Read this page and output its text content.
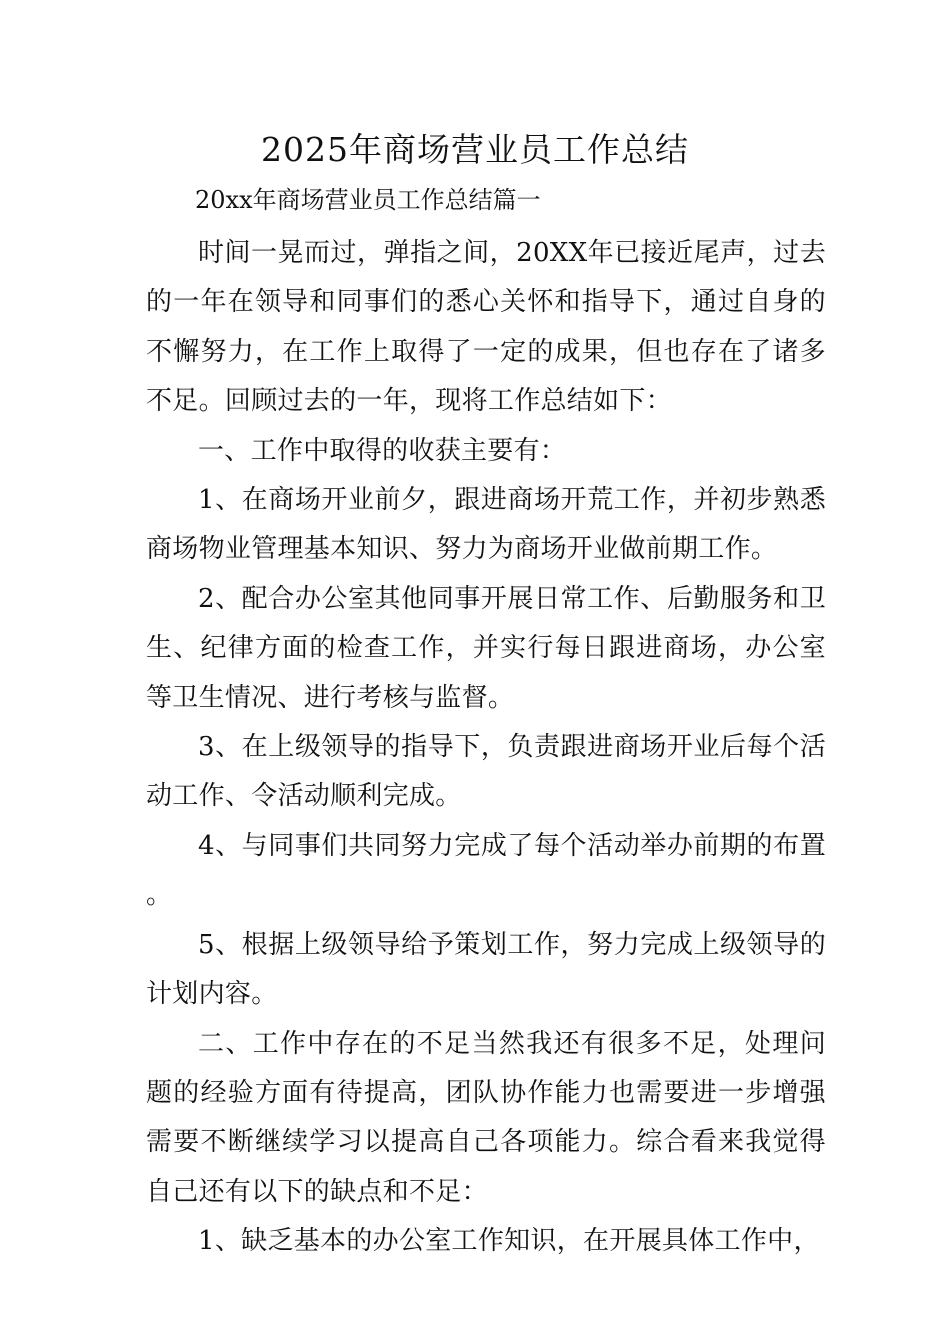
2025年商场营业员工作总结

20xx年商场营业员工作总结篇一

时间一晃而过，弹指之间，20XX年已接近尾声，过去的一年在领导和同事们的悉心关怀和指导下，通过自身的不懈努力，在工作上取得了一定的成果，但也存在了诸多不足。回顾过去的一年，现将工作总结如下：

一、工作中取得的收获主要有：

1、在商场开业前夕，跟进商场开荒工作，并初步熟悉商场物业管理基本知识、努力为商场开业做前期工作。

2、配合办公室其他同事开展日常工作、后勤服务和卫生、纪律方面的检查工作，并实行每日跟进商场，办公室等卫生情况、进行考核与监督。

3、在上级领导的指导下，负责跟进商场开业后每个活动工作、令活动顺利完成。

4、与同事们共同努力完成了每个活动举办前期的布置。

5、根据上级领导给予策划工作，努力完成上级领导的计划内容。

二、工作中存在的不足当然我还有很多不足，处理问题的经验方面有待提高，团队协作能力也需要进一步增强需要不断继续学习以提高自己各项能力。综合看来我觉得自己还有以下的缺点和不足：

1、缺乏基本的办公室工作知识，在开展具体工作中，
